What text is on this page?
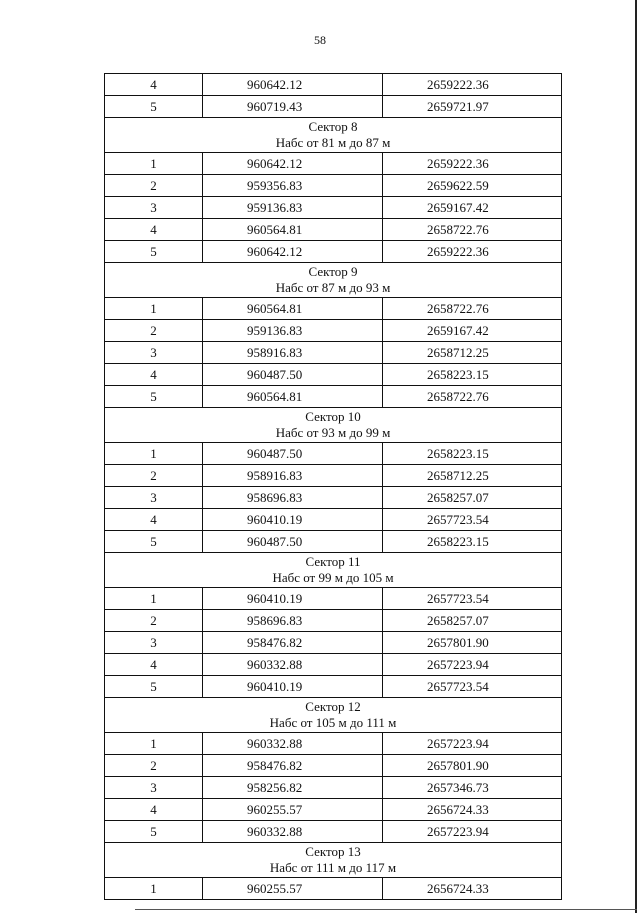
58
4	960642.12	2659222.36
5	960719.43	2659721.97

Сектор 8
Набс от 81 м до 87 м		

1	960642.12	2659222.36
2	959356.83	2659622.59
3	959136.83	2659167.42
4	960564.81	2658722.76
5	960642.12	2659222.36

Сектор 9
Набс от 87 м до 93 м		

1	960564.81	2658722.76
2	959136.83	2659167.42
3	958916.83	2658712.25
4	960487.50	2658223.15
5	960564.81	2658722.76

Сектор 10
Набс от 93 м до 99 м		

1	960487.50	2658223.15
2	958916.83	2658712.25
3	958696.83	2658257.07
4	960410.19	2657723.54
5	960487.50	2658223.15

Сектор 11
Набс от 99 м до 105 м		

1	960410.19	2657723.54
2	958696.83	2658257.07
3	958476.82	2657801.90
4	960332.88	2657223.94
5	960410.19	2657723.54

Сектор 12
Набс от 105 м до 111 м		

1	960332.88	2657223.94
2	958476.82	2657801.90
3	958256.82	2657346.73
4	960255.57	2656724.33
5	960332.88	2657223.94

Сектор 13
Набс от 111 м до 117 м		

1	960255.57	2656724.33
